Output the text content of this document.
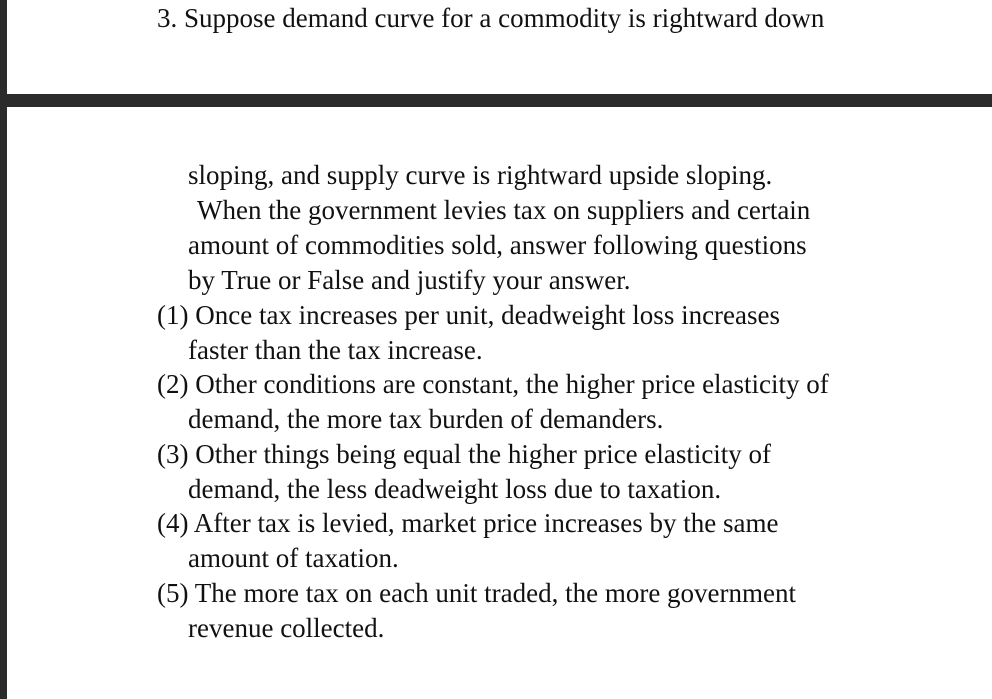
3. Suppose demand curve for a commodity is rightward down
sloping, and supply curve is rightward upside sloping.
When the government levies tax on suppliers and certain
amount of commodities sold, answer following questions
by True or False and justify your answer.
(1) Once tax increases per unit, deadweight loss increases
faster than the tax increase.
(2) Other conditions are constant, the higher price elasticity of
demand, the more tax burden of demanders.
(3) Other things being equal the higher price elasticity of
demand, the less deadweight loss due to taxation.
(4) After tax is levied, market price increases by the same
amount of taxation.
(5) The more tax on each unit traded, the more government
revenue collected.
